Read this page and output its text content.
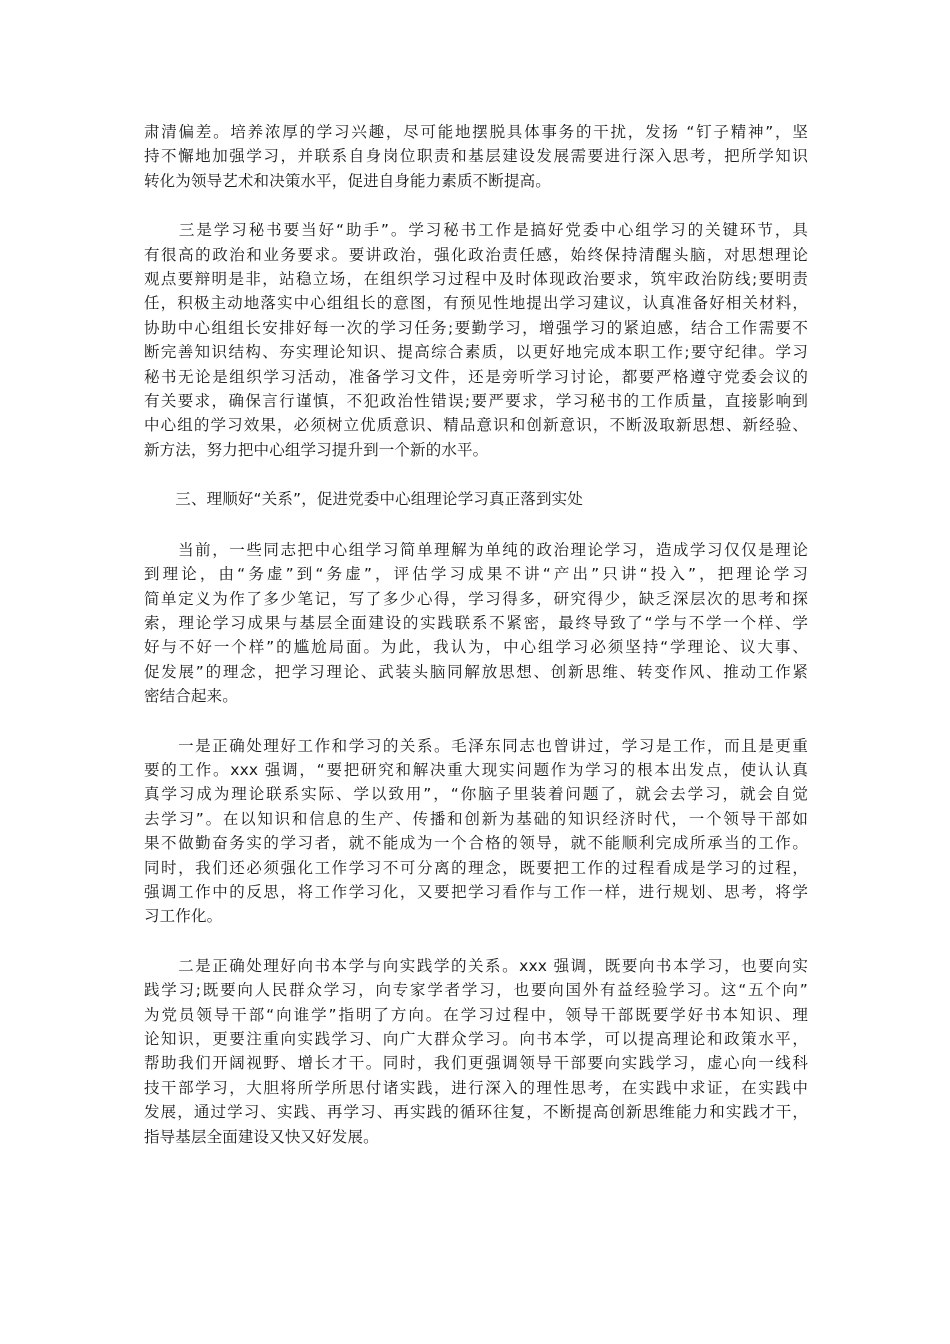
肃清偏差。培养浓厚的学习兴趣，尽可能地摆脱具体事务的干扰，发扬 “钉子精神”，坚
持不懈地加强学习，并联系自身岗位职责和基层建设发展需要进行深入思考，把所学知识
转化为领导艺术和决策水平，促进自身能力素质不断提高。
　　三是学习秘书要当好“助手”。学习秘书工作是搞好党委中心组学习的关键环节，具
有很高的政治和业务要求。要讲政治，强化政治责任感，始终保持清醒头脑，对思想理论
观点要辩明是非，站稳立场，在组织学习过程中及时体现政治要求，筑牢政治防线;要明责
任，积极主动地落实中心组组长的意图，有预见性地提出学习建议，认真准备好相关材料，
协助中心组组长安排好每一次的学习任务;要勤学习，增强学习的紧迫感，结合工作需要不
断完善知识结构、夯实理论知识、提高综合素质，以更好地完成本职工作;要守纪律。学习
秘书无论是组织学习活动，准备学习文件，还是旁听学习讨论，都要严格遵守党委会议的
有关要求，确保言行谨慎，不犯政治性错误;要严要求，学习秘书的工作质量，直接影响到
中心组的学习效果，必须树立优质意识、精品意识和创新意识，不断汲取新思想、新经验、
新方法，努力把中心组学习提升到一个新的水平。
　　三、理顺好“关系”，促进党委中心组理论学习真正落到实处
　　当前，一些同志把中心组学习简单理解为单纯的政治理论学习，造成学习仅仅是理论
到理论，由“务虚”到“务虚”，评估学习成果不讲“产出”只讲“投入”，把理论学习
简单定义为作了多少笔记，写了多少心得，学习得多，研究得少，缺乏深层次的思考和探
索，理论学习成果与基层全面建设的实践联系不紧密，最终导致了“学与不学一个样、学
好与不好一个样”的尴尬局面。为此，我认为，中心组学习必须坚持“学理论、议大事、
促发展”的理念，把学习理论、武装头脑同解放思想、创新思维、转变作风、推动工作紧
密结合起来。
　　一是正确处理好工作和学习的关系。毛泽东同志也曾讲过，学习是工作，而且是更重
要的工作。xxx 强调，“要把研究和解决重大现实问题作为学习的根本出发点，使认认真
真学习成为理论联系实际、学以致用”，“你脑子里装着问题了，就会去学习，就会自觉
去学习”。在以知识和信息的生产、传播和创新为基础的知识经济时代，一个领导干部如
果不做勤奋务实的学习者，就不能成为一个合格的领导，就不能顺利完成所承当的工作。
同时，我们还必须强化工作学习不可分离的理念，既要把工作的过程看成是学习的过程，
强调工作中的反思，将工作学习化，又要把学习看作与工作一样，进行规划、思考，将学
习工作化。
　　二是正确处理好向书本学与向实践学的关系。xxx 强调，既要向书本学习，也要向实
践学习;既要向人民群众学习，向专家学者学习，也要向国外有益经验学习。这“五个向”
为党员领导干部“向谁学”指明了方向。在学习过程中，领导干部既要学好书本知识、理
论知识，更要注重向实践学习、向广大群众学习。向书本学，可以提高理论和政策水平，
帮助我们开阔视野、增长才干。同时，我们更强调领导干部要向实践学习，虚心向一线科
技干部学习，大胆将所学所思付诸实践，进行深入的理性思考，在实践中求证，在实践中
发展，通过学习、实践、再学习、再实践的循环往复，不断提高创新思维能力和实践才干，
指导基层全面建设又快又好发展。
